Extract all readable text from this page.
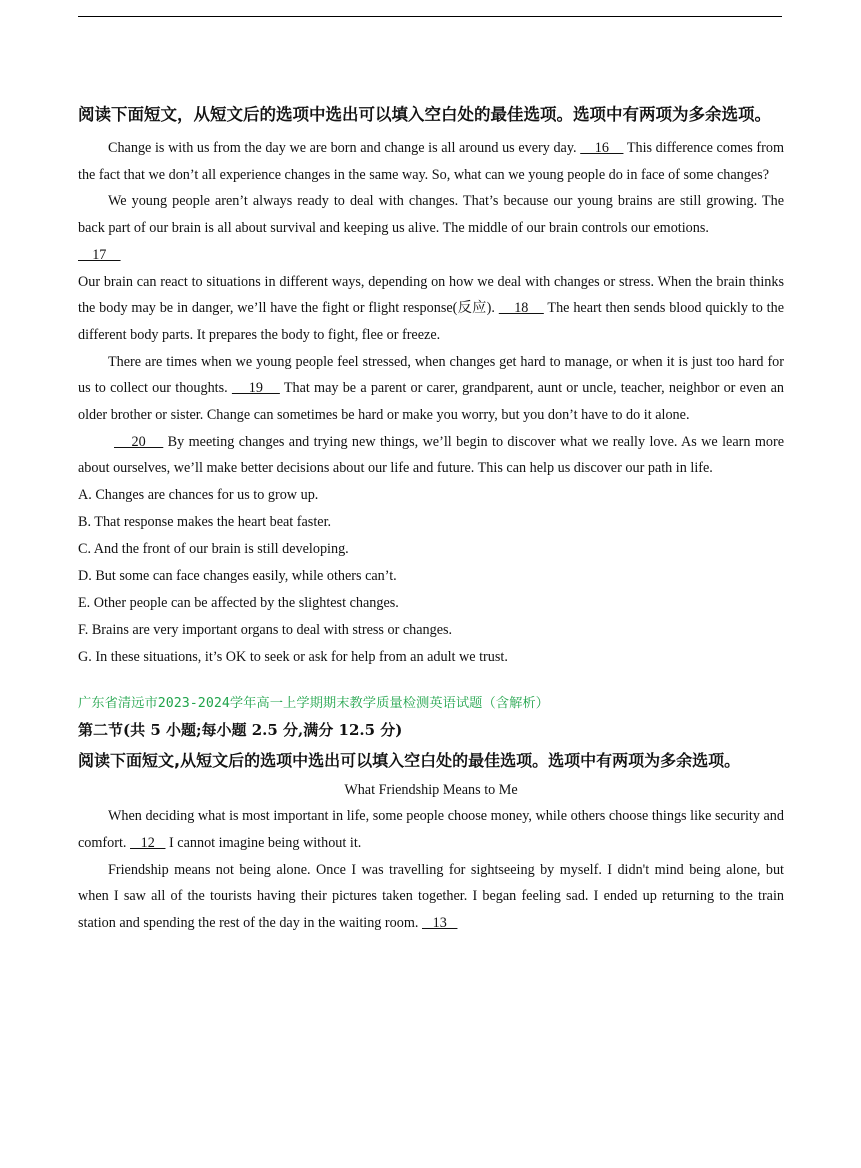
阅读下面短文，从短文后的选项中选出可以填入空白处的最佳选项。选项中有两项为多余选项。

Change is with us from the day we are born and change is all around us every day.     16     This difference comes from the fact that we don’t all experience changes in the same way. So, what can we young people do in face of some changes?

We young people aren’t always ready to deal with changes. That’s because our young brains are still growing. The back part of our brain is all about survival and keeping us alive. The middle of our brain controls our emotions.
17

Our brain can react to situations in different ways, depending on how we deal with changes or stress. When the brain thinks the body may be in danger, we’ll have the fight or flight response(反应).     18     The heart then sends blood quickly to the different body parts. It prepares the body to fight, flee or freeze.

There are times when we young people feel stressed, when changes get hard to manage, or when it is just too hard for us to collect our thoughts.     19     That may be a parent or carer, grandparent, aunt or uncle, teacher, neighbor or even an older brother or sister. Change can sometimes be hard or make you worry, but you don’t have to do it alone.

20     By meeting changes and trying new things, we’ll begin to discover what we really love. As we learn more about ourselves, we’ll make better decisions about our life and future. This can help us discover our path in life.

A. Changes are chances for us to grow up.

B. That response makes the heart beat faster.

C. And the front of our brain is still developing.

D. But some can face changes easily, while others can’t.

E. Other people can be affected by the slightest changes.

F. Brains are very important organs to deal with stress or changes.

G. In these situations, it’s OK to seek or ask for help from an adult we trust.

广东省清远市2023-2024学年高一上学期期末教学质量检测英语试题（含解析）

第二节(共 5 小题;每小题 2.5 分,满分 12.5 分)

阅读下面短文,从短文后的选项中选出可以填入空白处的最佳选项。选项中有两项为多余选项。

What Friendship Means to Me

When deciding what is most important in life, some people choose money, while others choose things like security and comfort.    12    I cannot imagine being without it.

Friendship means not being alone. Once I was travelling for sightseeing by myself. I didn't mind being alone, but when I saw all of the tourists having their pictures taken together. I began feeling sad. I ended up returning to the train station and spending the rest of the day in the waiting room.    13
